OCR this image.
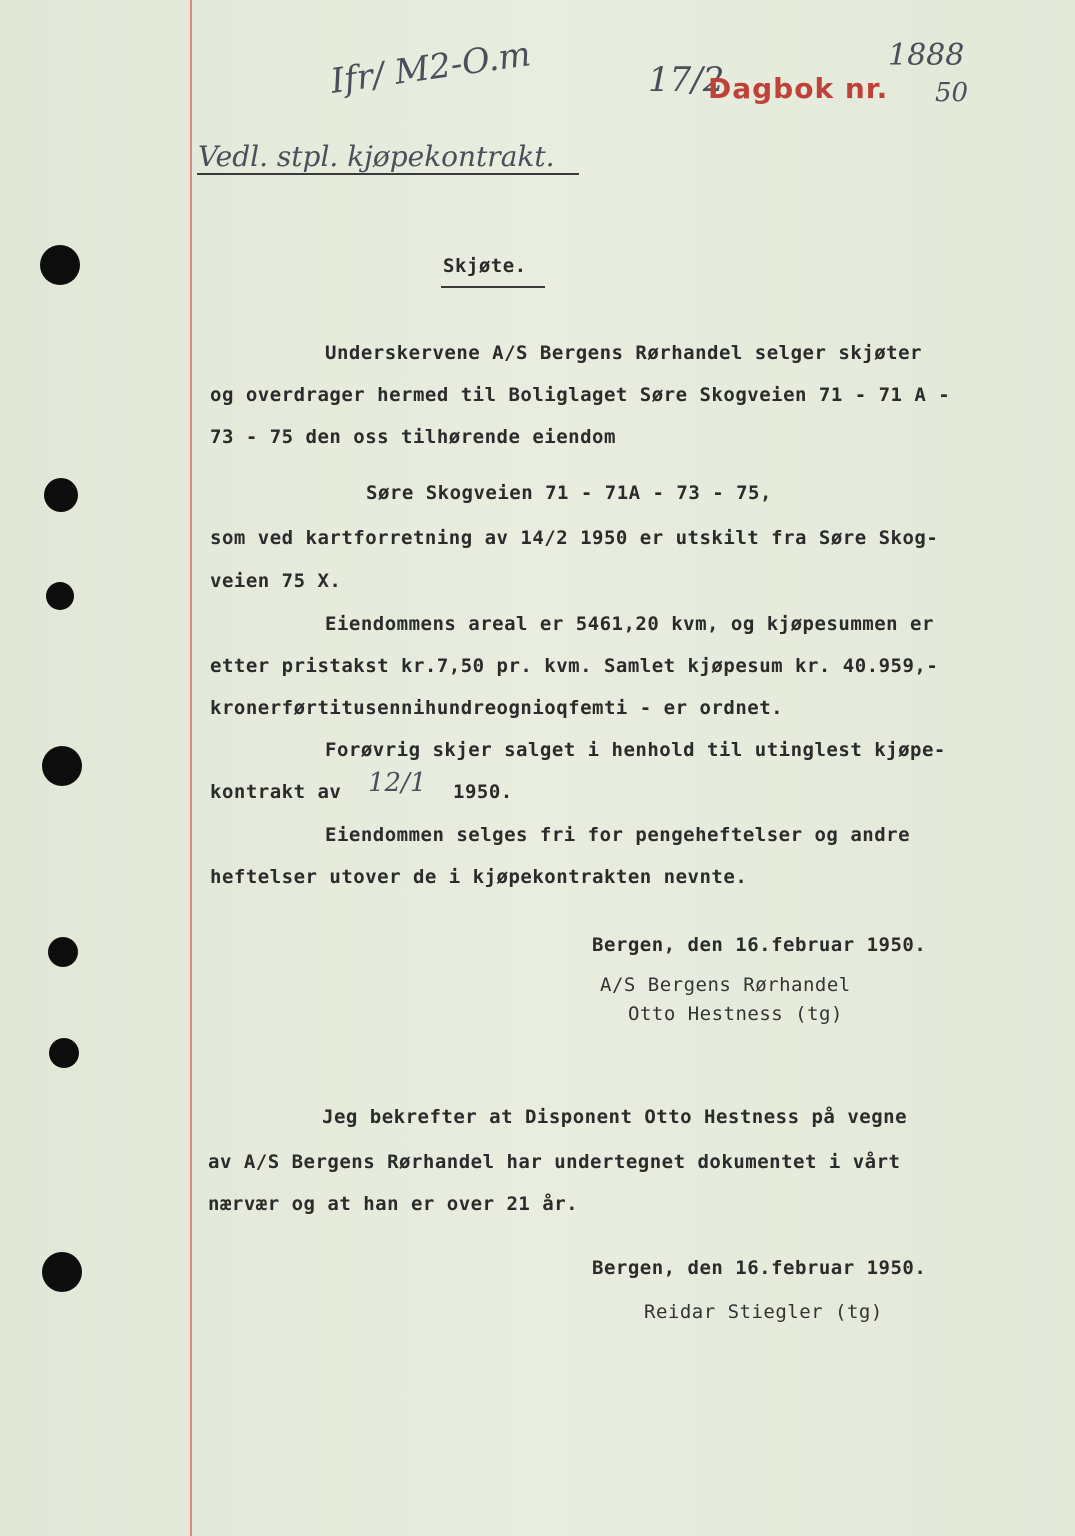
Ifr/ M2-O.m	17/2
Dagbok nr.
1888
50
Vedl. stpl. kjøpekontrakt.
Skjøte.
Underskervene A/S Bergens Rørhandel selger skjøter
og overdrager hermed til Boliglaget Søre Skogveien 71 - 71 A -
73 - 75 den oss tilhørende eiendom
Søre Skogveien 71 - 71A - 73 - 75,
som ved kartforretning av 14/2 1950 er utskilt fra Søre Skog-
veien 75 X.
Eiendommens areal er 5461,20 kvm, og kjøpesummen er
etter pristakst kr.7,50 pr. kvm. Samlet kjøpesum kr. 40.959,-
kronerførtitusennihundreognioqfemti - er ordnet.
Forøvrig skjer salget i henhold til utinglest kjøpe-
kontrakt av 12/1 1950.
Eiendommen selges fri for pengeheftelser og andre
heftelser utover de i kjøpekontrakten nevnte.
Bergen, den 16.februar 1950.
A/S Bergens Rørhandel
Otto Hestness (tg)
Jeg bekrefter at Disponent Otto Hestness på vegne
av A/S Bergens Rørhandel har undertegnet dokumentet i vårt
nærvær og at han er over 21 år.
Bergen, den 16.februar 1950.
Reidar Stiegler (tg)
